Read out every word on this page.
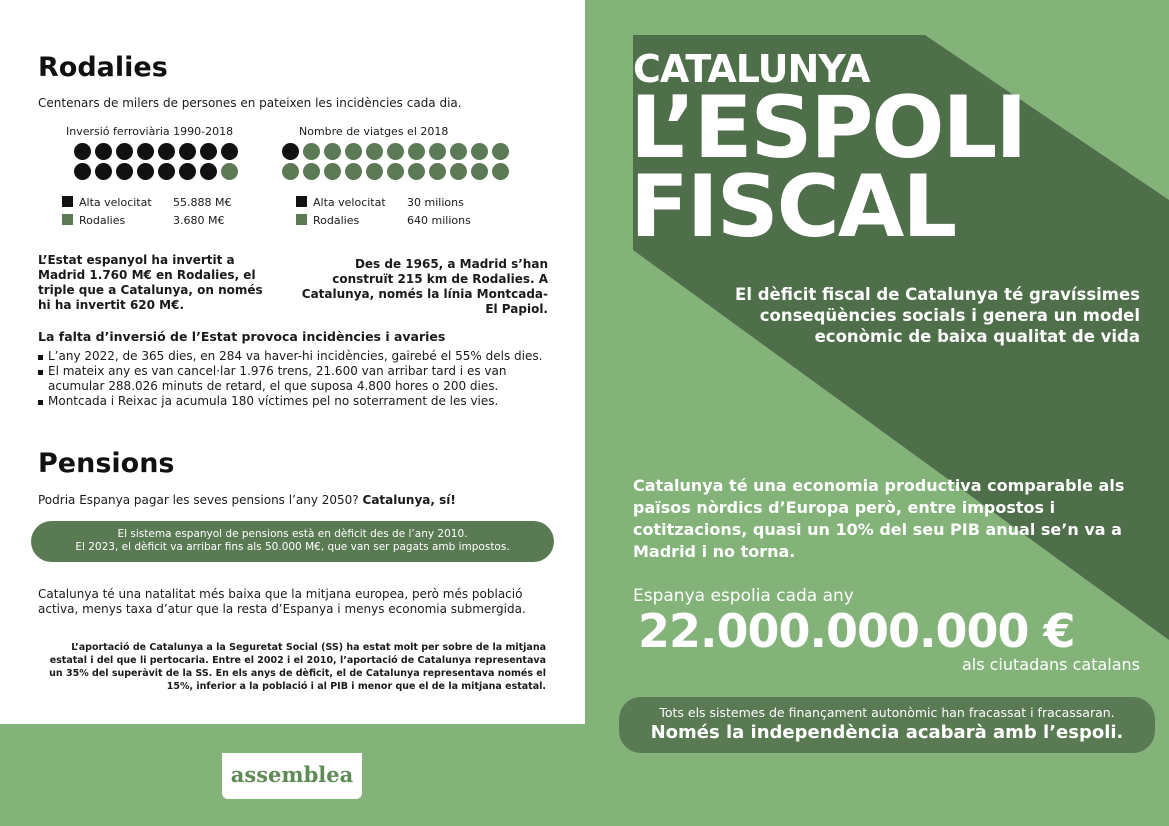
Rodalies
Centenars de milers de persones en pateixen les incidències cada dia.
Inversió ferroviària 1990-2018
Alta velocitat 55.888 M€
Rodalies	3.680 M€
Nombre de viatges el 2018
Alta velocitat 30 milions
Rodalies	640 milions
L’Estat espanyol ha invertit a Madrid 1.760 M€ en Rodalies, el triple que a Catalunya, on només hi ha invertit 620 M€.
Des de 1965, a Madrid s’han construït 215 km de Rodalies. A Catalunya, només la línia Montcada-El Papiol.
La falta d’inversió de l’Estat provoca incidències i avaries
L’any 2022, de 365 dies, en 284 va haver-hi incidències, gairebé el 55% dels dies.
El mateix any es van cancel·lar 1.976 trens, 21.600 van arribar tard i es van acumular 288.026 minuts de retard, el que suposa 4.800 hores o 200 dies.
Montcada i Reixac ja acumula 180 víctimes pel no soterrament de les vies.
Pensions
Podria Espanya pagar les seves pensions l’any 2050? Catalunya, sí!
El sistema espanyol de pensions està en dèficit des de l’any 2010.
El 2023, el dèficit va arribar fins als 50.000 M€, que van ser pagats amb impostos.
Catalunya té una natalitat més baixa que la mitjana europea, però més població activa, menys taxa d’atur que la resta d’Espanya i menys economia submergida.
L’aportació de Catalunya a la Seguretat Social (SS) ha estat molt per sobre de la mitjana estatal i del que li pertocaria. Entre el 2002 i el 2010, l’aportació de Catalunya representava un 35% del superàvit de la SS. En els anys de dèficit, el de Catalunya representava només el 15%, inferior a la població i al PIB i menor que el de la mitjana estatal.
assemblea
CATALUNYA
L’ESPOLI
FISCAL
El dèficit fiscal de Catalunya té gravíssimes conseqüències socials i genera un model econòmic de baixa qualitat de vida
Catalunya té una economia productiva comparable als països nòrdics d’Europa però, entre impostos i cotitzacions, quasi un 10% del seu PIB anual se’n va a Madrid i no torna.
Espanya espolia cada any
22.000.000.000 €
als ciutadans catalans
Tots els sistemes de finançament autonòmic han fracassat i fracassaran.
Només la independència acabarà amb l’espoli.
